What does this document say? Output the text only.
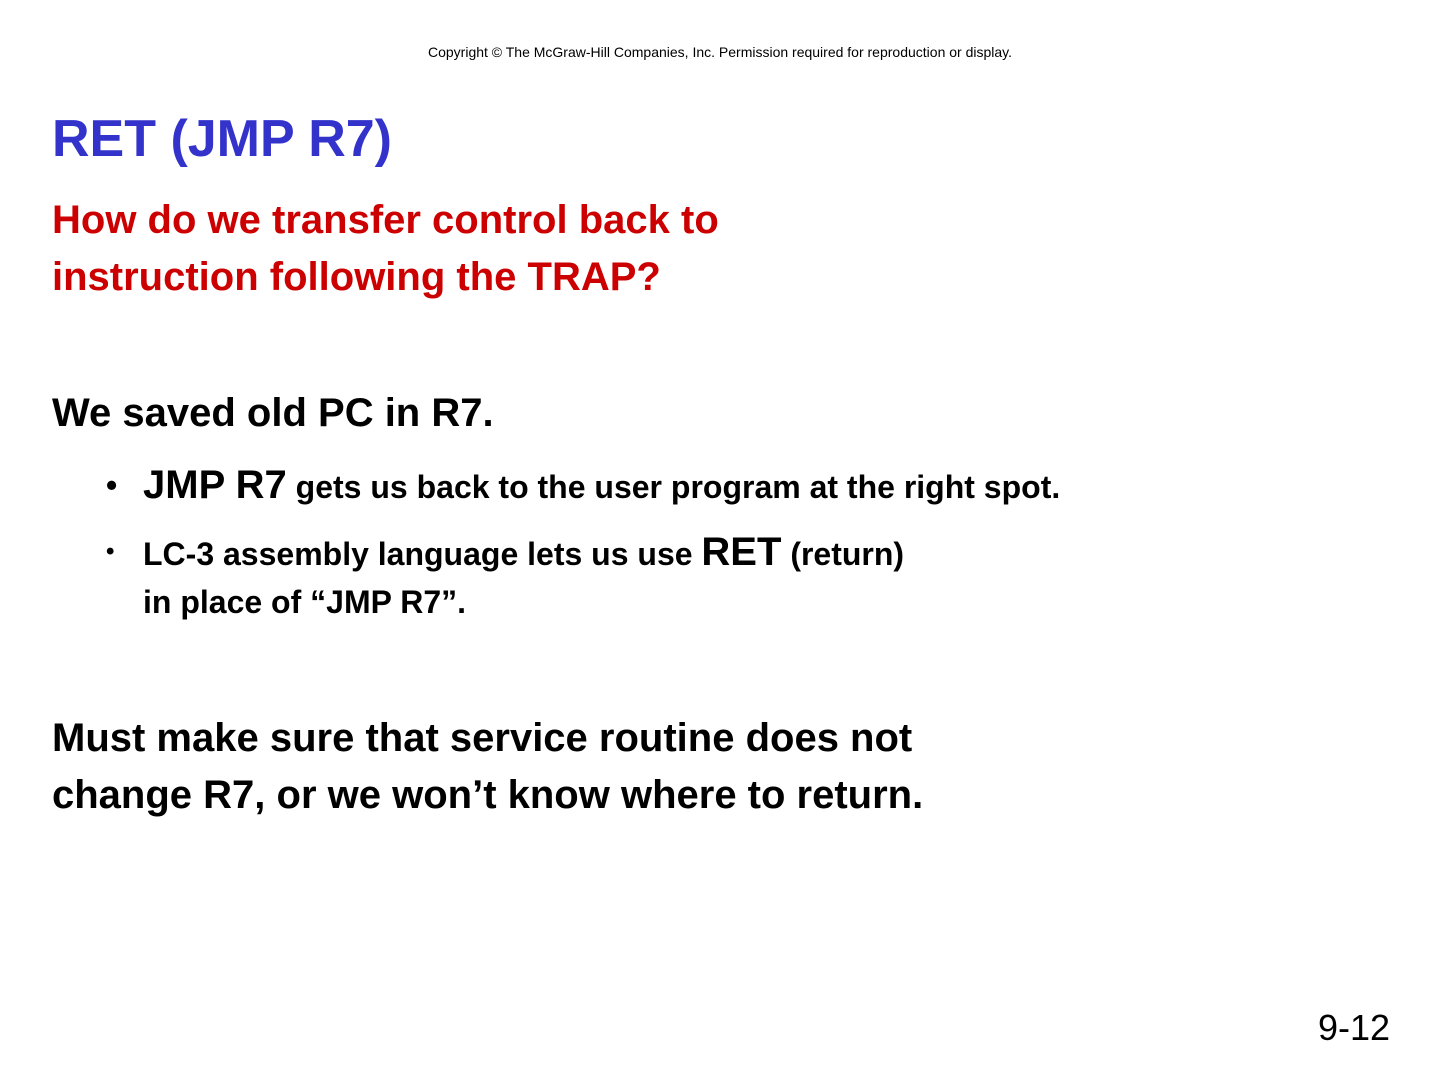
Copyright © The McGraw-Hill Companies, Inc. Permission required for reproduction or display.
RET (JMP R7)
How do we transfer control back to
instruction following the TRAP?

We saved old PC in R7.

• JMP R7 gets us back to the user program at the right spot.
• LC-3 assembly language lets us use RET (return)
in place of “JMP R7”.
Must make sure that service routine does not
change R7, or we won’t know where to return.
9-12
